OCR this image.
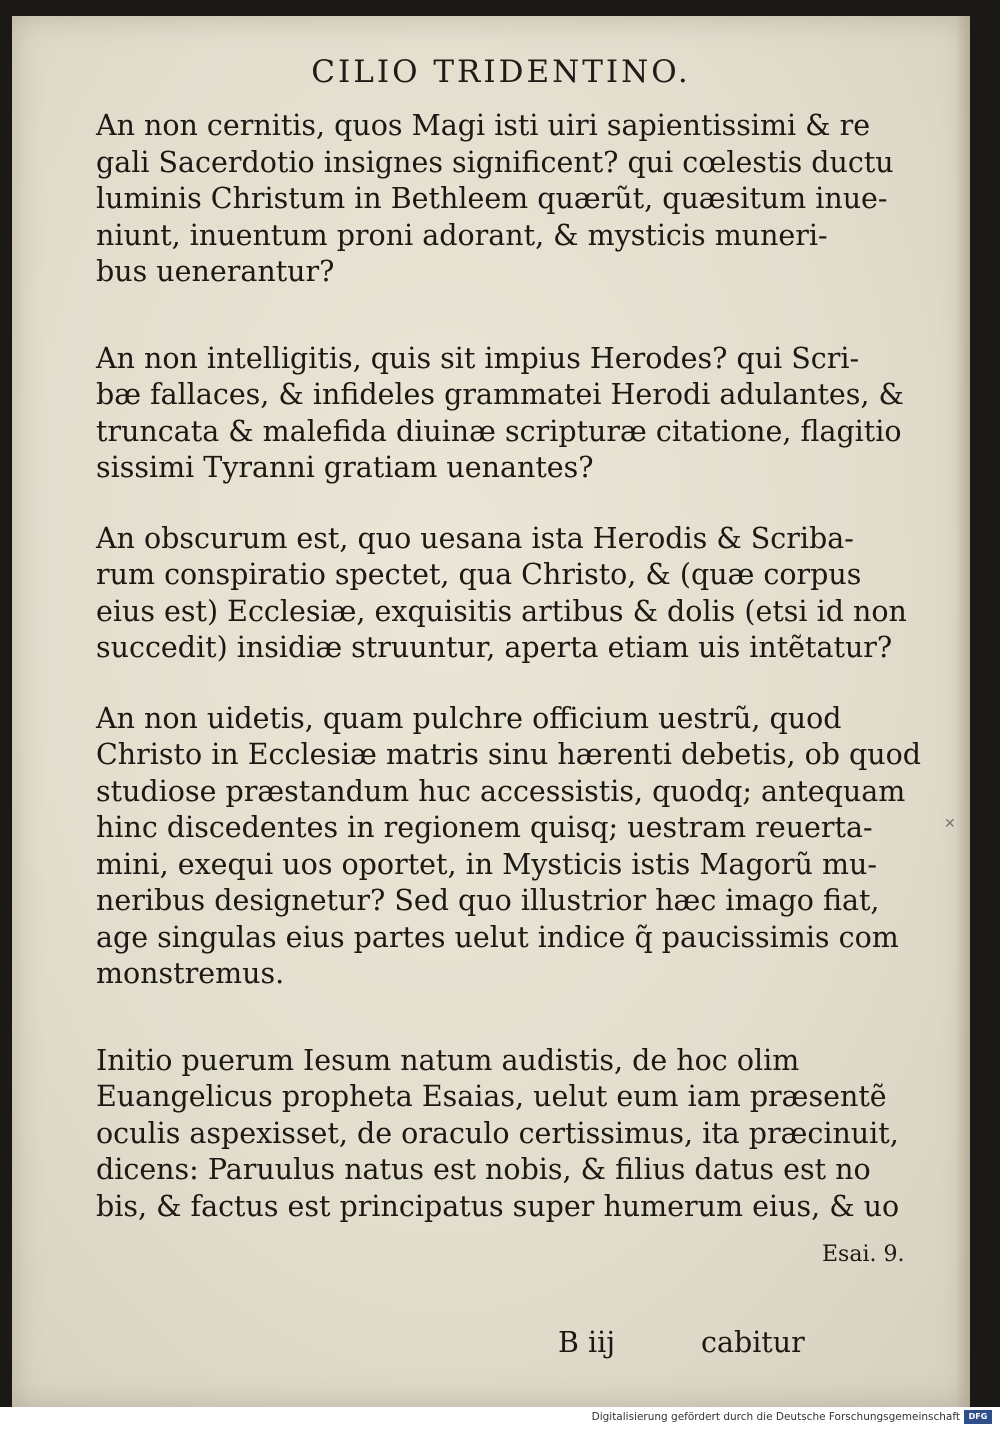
CILIO TRIDENTINO.

An non cernitis, quos Magi isti uiri sapientissimi & re
gali Sacerdotio insignes significent? qui cœlestis ductu
luminis Christum in Bethleem quærũt, quæsitum inue-
niunt, inuentum proni adorant, & mysticis muneri-
bus uenerantur?

An non intelligitis, quis sit impius Herodes? qui Scri-
bæ fallaces, & infideles grammatei Herodi adulantes, &
truncata & malefida diuinæ scripturæ citatione, flagitio
sissimi Tyranni gratiam uenantes?

An obscurum est, quo uesana ista Herodis & Scriba-
rum conspiratio spectet, qua Christo, & (quæ corpus
eius est) Ecclesiæ, exquisitis artibus & dolis (etsi id non
succedit) insidiæ struuntur, aperta etiam uis intẽtatur?

An non uidetis, quam pulchre officium uestrũ, quod
Christo in Ecclesiæ matris sinu hærenti debetis, ob quod
studiose præstandum huc accessistis, quodq; antequam
hinc discedentes in regionem quisq; uestram reuerta-
mini, exequi uos oportet, in Mysticis istis Magorũ mu-
neribus designetur? Sed quo illustrior hæc imago fiat,
age singulas eius partes uelut indice q̃ paucissimis com
monstremus.

Initio puerum Iesum natum audistis, de hoc olim
Euangelicus propheta Esaias, uelut eum iam præsentẽ
oculis aspexisset, de oraculo certissimus, ita præcinuit,
dicens: Paruulus natus est nobis, & filius datus est no
bis, & factus est principatus super humerum eius, & uo

Esai. 9.
B iij	cabitur
✕
Digitalisierung gefördert durch die Deutsche Forschungsgemeinschaft	DFG
